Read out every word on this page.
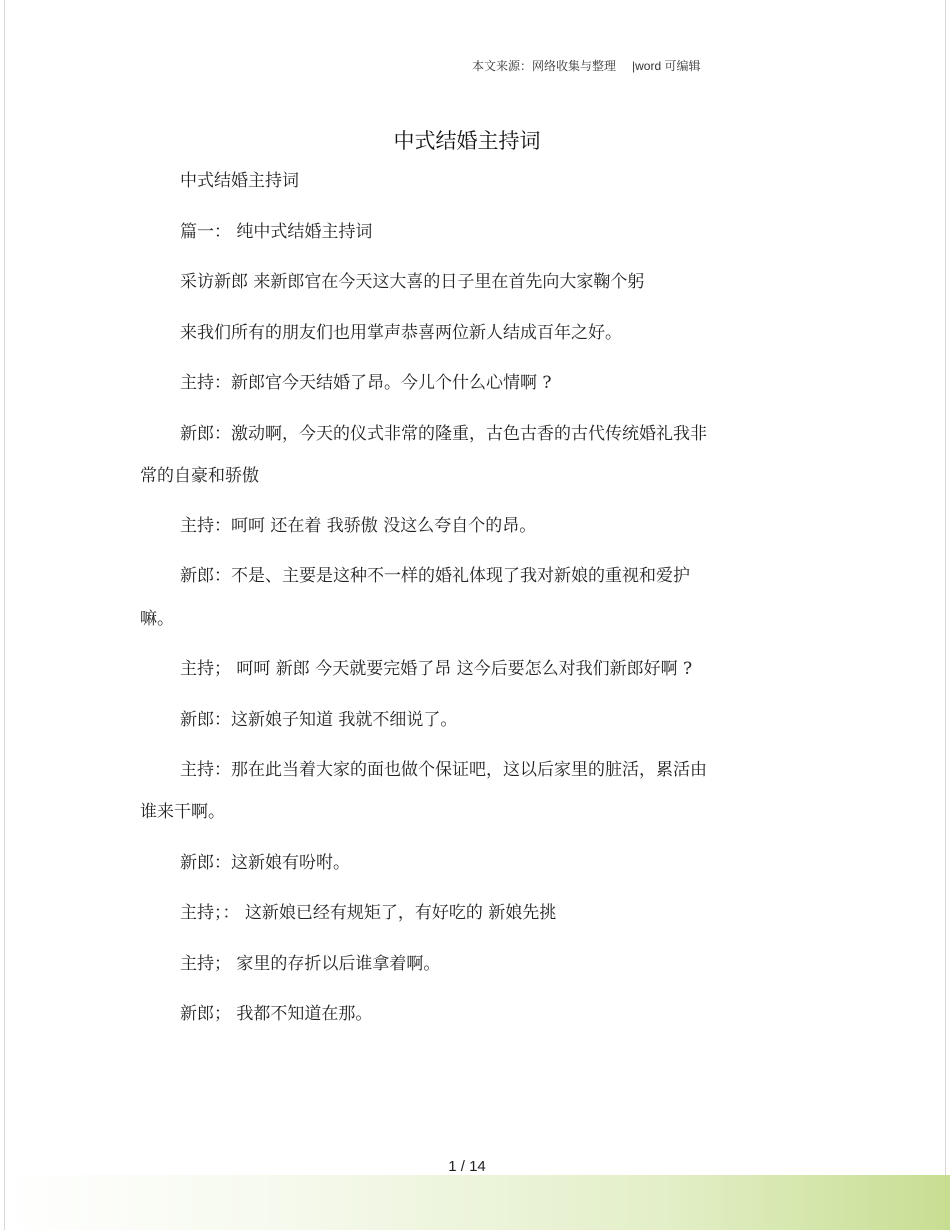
本文来源：网络收集与整理 |word 可编辑
中式结婚主持词
中式结婚主持词
篇一： 纯中式结婚主持词
采访新郎 来新郎官在今天这大喜的日子里在首先向大家鞠个躬
来我们所有的朋友们也用掌声恭喜两位新人结成百年之好。
主持：新郎官今天结婚了昂。今儿个什么心情啊 ?
新郎：激动啊，今天的仪式非常的隆重，古色古香的古代传统婚礼我非
常的自豪和骄傲
主持：呵呵 还在着 我骄傲 没这么夸自个的昂。
新郎：不是、主要是这种不一样的婚礼体现了我对新娘的重视和爱护
嘛。
主持； 呵呵 新郎 今天就要完婚了昂 这今后要怎么对我们新郎好啊 ?
新郎：这新娘子知道 我就不细说了。
主持：那在此当着大家的面也做个保证吧，这以后家里的脏活，累活由
谁来干啊。
新郎：这新娘有吩咐。
主持；： 这新娘已经有规矩了，有好吃的 新娘先挑
主持； 家里的存折以后谁拿着啊。
新郎； 我都不知道在那。
1 / 14
